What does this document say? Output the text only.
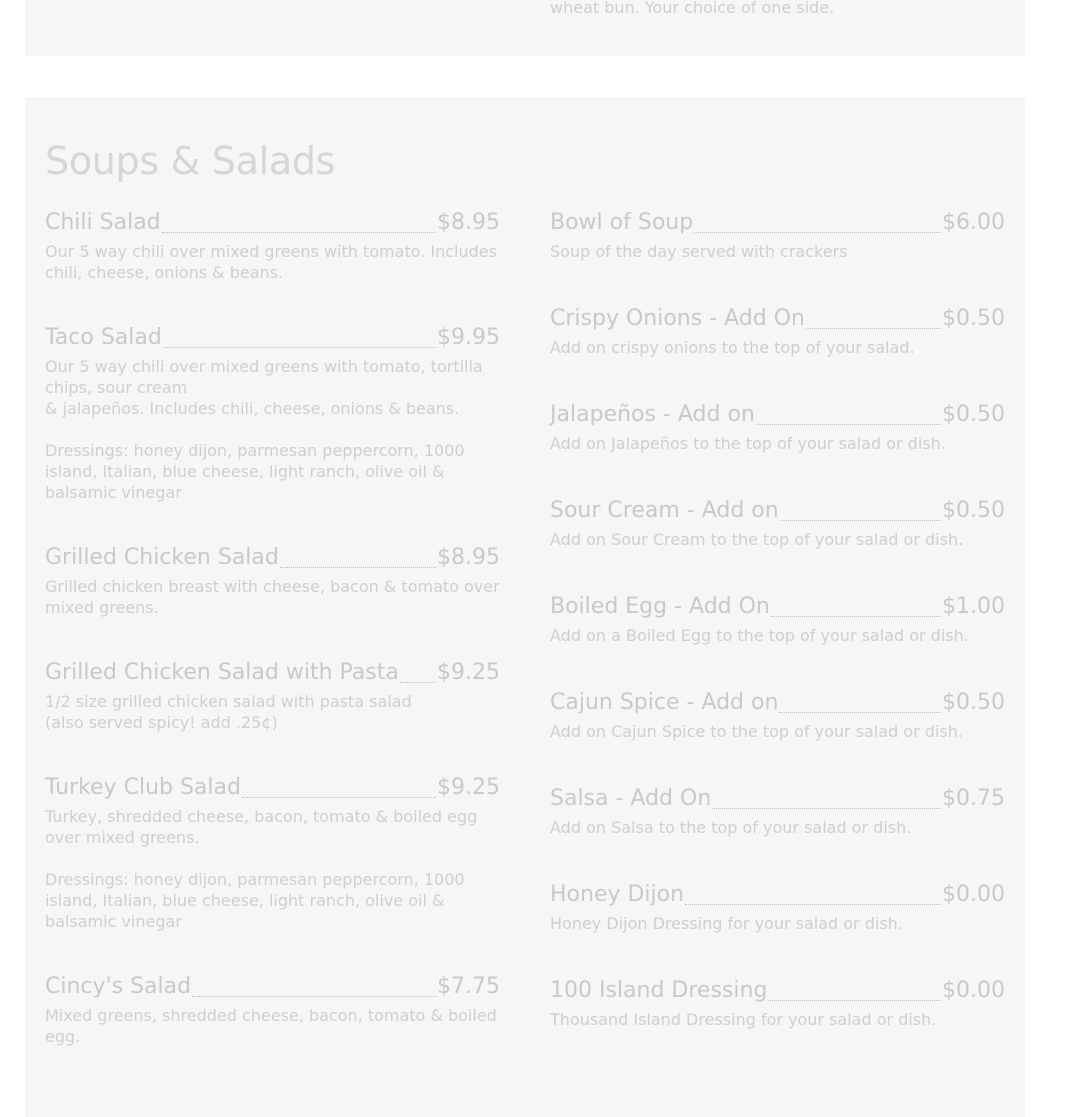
wheat bun. Your choice of one side.
Soups & Salads
Chili Salad	$8.95

Our 5 way chili over mixed greens with tomato. Includes chili, cheese, onions & beans.

Taco Salad	$9.95

Our 5 way chili over mixed greens with tomato, tortilla chips, sour cream
& jalapeños. Includes chili, cheese, onions & beans.

Dressings: honey dijon, parmesan peppercorn, 1000 island, Italian, blue cheese, light ranch, olive oil & balsamic vinegar

Grilled Chicken Salad	$8.95

Grilled chicken breast with cheese, bacon & tomato over mixed greens.

Grilled Chicken Salad with Pasta $9.25

1/2 size grilled chicken salad with pasta salad
(also served spicy! add .25¢)

Turkey Club Salad	$9.25

Turkey, shredded cheese, bacon, tomato & boiled egg over mixed greens.

Dressings: honey dijon, parmesan peppercorn, 1000 island, Italian, blue cheese, light ranch, olive oil & balsamic vinegar

Cincy's Salad	$7.75

Mixed greens, shredded cheese, bacon, tomato & boiled egg.

Bowl of Soup	$6.00

Soup of the day served with crackers

Crispy Onions - Add On	$0.50

Add on crispy onions to the top of your salad.

Jalapeños - Add on	$0.50

Add on Jalapeños to the top of your salad or dish.

Sour Cream - Add on	$0.50

Add on Sour Cream to the top of your salad or dish.

Boiled Egg - Add On	$1.00

Add on a Boiled Egg to the top of your salad or dish.

Cajun Spice - Add on	$0.50

Add on Cajun Spice to the top of your salad or dish.

Salsa - Add On	$0.75

Add on Salsa to the top of your salad or dish.

Honey Dijon	$0.00

Honey Dijon Dressing for your salad or dish.

100 Island Dressing	$0.00

Thousand Island Dressing for your salad or dish.
